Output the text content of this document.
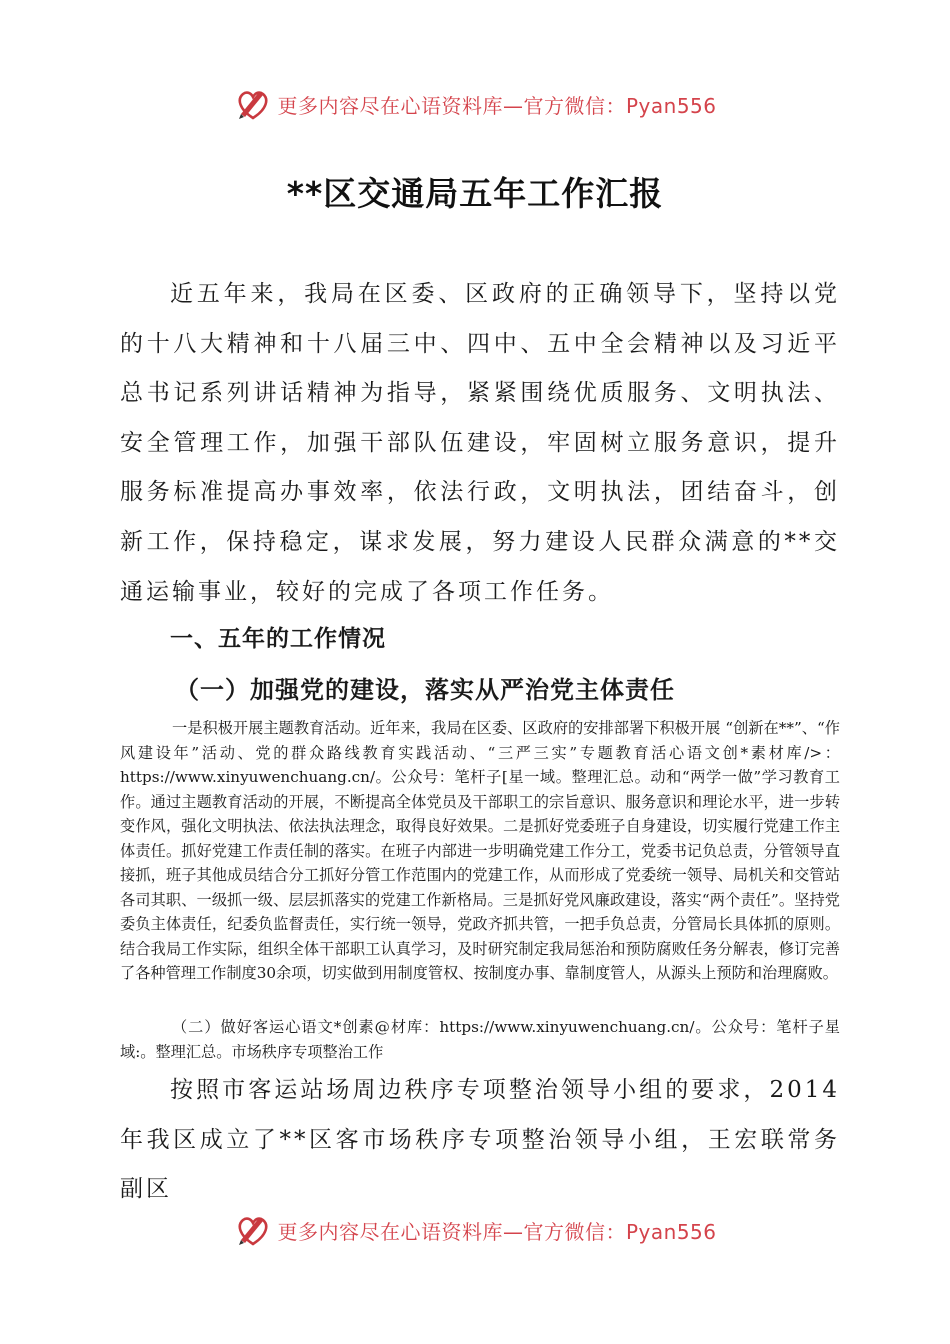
更多内容尽在心语资料库—官方微信：Pyan556
**区交通局五年工作汇报

近五年来，我局在区委、区政府的正确领导下，坚持以党的十八大精神和十八届三中、四中、五中全会精神以及习近平总书记系列讲话精神为指导，紧紧围绕优质服务、文明执法、安全管理工作，加强干部队伍建设，牢固树立服务意识，提升服务标准提高办事效率，依法行政，文明执法，团结奋斗，创新工作，保持稳定，谋求发展，努力建设人民群众满意的**交通运输事业，较好的完成了各项工作任务。

一、五年的工作情况
（一）加强党的建设，落实从严治党主体责任

一是积极开展主题教育活动。近年来，我局在区委、区政府的安排部署下积极开展 “创新在**”、“作风建设年”活动、党的群众路线教育实践活动、“三严三实”专题教育活心语文创*素材库/>：https://www.xinyuwenchuang.cn/。公众号：笔杆子[星一域。整理汇总。动和“两学一做”学习教育工作。通过主题教育活动的开展，不断提高全体党员及干部职工的宗旨意识、服务意识和理论水平，进一步转变作风，强化文明执法、依法执法理念，取得良好效果。二是抓好党委班子自身建设，切实履行党建工作主体责任。抓好党建工作责任制的落实。在班子内部进一步明确党建工作分工，党委书记负总责，分管领导直接抓，班子其他成员结合分工抓好分管工作范围内的党建工作，从而形成了党委统一领导、局机关和交管站各司其职、一级抓一级、层层抓落实的党建工作新格局。三是抓好党风廉政建设，落实“两个责任”。坚持党委负主体责任，纪委负监督责任，实行统一领导，党政齐抓共管，一把手负总责，分管局长具体抓的原则。结合我局工作实际，组织全体干部职工认真学习，及时研究制定我局惩治和预防腐败任务分解表，修订完善了各种管理工作制度30余项，切实做到用制度管权、按制度办事、靠制度管人，从源头上预防和治理腐败。

（二）做好客运心语文*创素@材库：https://www.xinyuwenchuang.cn/。公众号：笔杆子星域:。整理汇总。市场秩序专项整治工作

按照市客运站场周边秩序专项整治领导小组的要求，2014年我区成立了**区客市场秩序专项整治领导小组，王宏联常务副区

更多内容尽在心语资料库—官方微信：Pyan556
